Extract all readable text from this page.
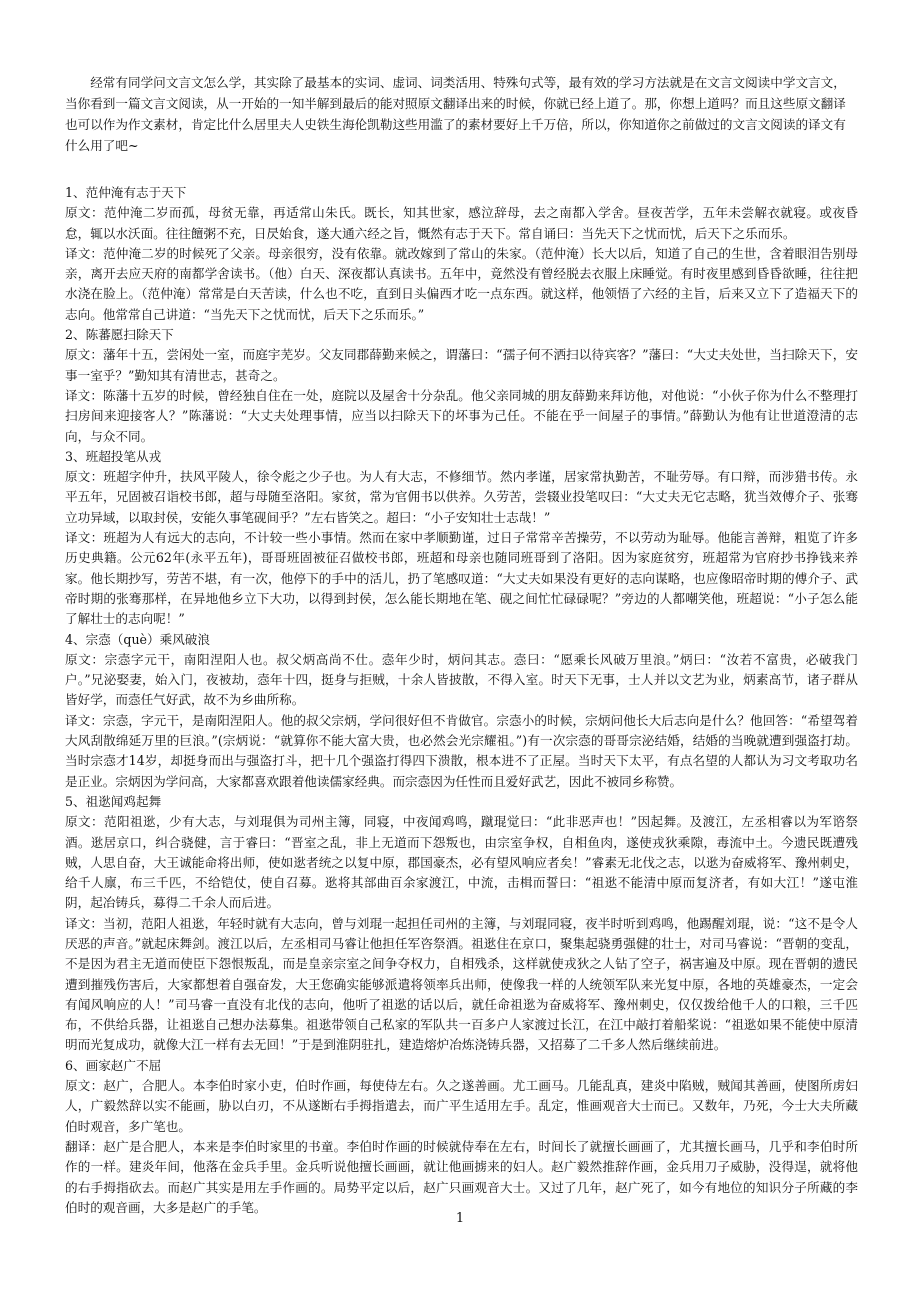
经常有同学问文言文怎么学，其实除了最基本的实词、虚词、词类活用、特殊句式等，最有效的学习方法就是在文言文阅读中学文言文，当你看到一篇文言文阅读，从一开始的一知半解到最后的能对照原文翻译出来的时候，你就已经上道了。那，你想上道吗？而且这些原文翻译也可以作为作文素材，肯定比什么居里夫人史铁生海伦凯勒这些用滥了的素材要好上千万倍，所以，你知道你之前做过的文言文阅读的译文有什么用了吧~

1、范仲淹有志于天下

原文：范仲淹二岁而孤，母贫无靠，再适常山朱氏。既长，知其世家，感泣辞母，去之南都入学舍。昼夜苦学，五年未尝解衣就寝。或夜昏怠，辄以水沃面。往往饘粥不充，日昃始食，遂大通六经之旨，慨然有志于天下。常自诵曰：当先天下之忧而忧，后天下之乐而乐。

译文：范仲淹二岁的时候死了父亲。母亲很穷，没有依靠。就改嫁到了常山的朱家。（范仲淹）长大以后，知道了自己的生世，含着眼泪告别母亲，离开去应天府的南都学舍读书。（他）白天、深夜都认真读书。五年中，竟然没有曾经脱去衣服上床睡觉。有时夜里感到昏昏欲睡，往往把水浇在脸上。（范仲淹）常常是白天苦读，什么也不吃，直到日头偏西才吃一点东西。就这样，他领悟了六经的主旨，后来又立下了造福天下的志向。他常常自己讲道：“当先天下之忧而忧，后天下之乐而乐。”

2、陈蕃愿扫除天下

原文：藩年十五，尝闲处一室，而庭宇芜岁。父友同郡薛勤来候之，谓藩曰：“孺子何不洒扫以待宾客？”藩曰：“大丈夫处世，当扫除天下，安事一室乎？”勤知其有清世志，甚奇之。

译文：陈藩十五岁的时候，曾经独自住在一处，庭院以及屋舍十分杂乱。他父亲同城的朋友薛勤来拜访他，对他说：“小伙子你为什么不整理打扫房间来迎接客人？”陈藩说：“大丈夫处理事情，应当以扫除天下的坏事为己任。不能在乎一间屋子的事情。”薛勤认为他有让世道澄清的志向，与众不同。

3、班超投笔从戎

原文：班超字仲升，扶风平陵人，徐令彪之少子也。为人有大志，不修细节。然内孝谨，居家常执勤苦，不耻劳辱。有口辩，而涉猎书传。永平五年，兄固被召诣校书郎，超与母随至洛阳。家贫，常为官佣书以供养。久劳苦，尝辍业投笔叹曰：“大丈夫无它志略，犹当效傅介子、张骞立功异域，以取封侯，安能久事笔砚间乎？”左右皆笑之。超曰：“小子安知壮士志哉！”

译文：班超为人有远大的志向，不计较一些小事情。然而在家中孝顺勤谨，过日子常常辛苦操劳，不以劳动为耻辱。他能言善辩，粗览了许多历史典籍。公元62年(永平五年)，哥哥班固被征召做校书郎，班超和母亲也随同班哥到了洛阳。因为家庭贫穷，班超常为官府抄书挣钱来养家。他长期抄写，劳苦不堪，有一次，他停下的手中的活儿，扔了笔感叹道：“大丈夫如果没有更好的志向谋略，也应像昭帝时期的傅介子、武帝时期的张骞那样，在异地他乡立下大功，以得到封侯，怎么能长期地在笔、砚之间忙忙碌碌呢？”旁边的人都嘲笑他，班超说：“小子怎么能了解壮士的志向呢！”

4、宗悫（què）乘风破浪

原文：宗悫字元干，南阳涅阳人也。叔父炳高尚不仕。悫年少时，炳问其志。悫曰：“愿乘长风破万里浪。”炳曰：“汝若不富贵，必破我门户。”兄泌娶妻，始入门，夜被劫，悫年十四，挺身与拒贼，十余人皆披散，不得入室。时天下无事，士人并以文艺为业，炳素高节，诸子群从皆好学，而悫任气好武，故不为乡曲所称。

译文：宗悫，字元干，是南阳涅阳人。他的叔父宗炳，学问很好但不肯做官。宗悫小的时候，宗炳问他长大后志向是什么？他回答：“希望驾着大风刮散绵延万里的巨浪。”(宗炳说：“就算你不能大富大贵，也必然会光宗耀祖。”)有一次宗悫的哥哥宗泌结婚，结婚的当晚就遭到强盗打劫。当时宗悫才14岁，却挺身而出与强盗打斗，把十几个强盗打得四下溃散，根本进不了正屋。当时天下太平，有点名望的人都认为习文考取功名是正业。宗炳因为学问高，大家都喜欢跟着他读儒家经典。而宗悫因为任性而且爱好武艺，因此不被同乡称赞。

5、祖逖闻鸡起舞

原文：范阳祖逖，少有大志，与刘琨俱为司州主簿，同寝，中夜闻鸡鸣，蹴琨觉曰：“此非恶声也！”因起舞。及渡江，左丞相睿以为军谘祭酒。逖居京口，纠合骁健，言于睿曰：“晋室之乱，非上无道而下怨叛也，由宗室争权，自相鱼肉，遂使戎狄乘隙，毒流中土。今遗民既遭残贼，人思自奋，大王诚能命将出师，使如逖者统之以复中原，郡国豪杰，必有望风响应者矣！”睿素无北伐之志，以逖为奋威将军、豫州刺史，给千人廪，布三千匹，不给铠仗，使自召募。逖将其部曲百余家渡江，中流，击楫而誓曰：“祖逖不能清中原而复济者，有如大江！”遂屯淮阴，起冶铸兵，募得二千余人而后进。

译文：当初，范阳人祖逖，年轻时就有大志向，曾与刘琨一起担任司州的主簿，与刘琨同寝，夜半时听到鸡鸣，他踢醒刘琨，说：“这不是令人厌恶的声音。”就起床舞剑。渡江以后，左丞相司马睿让他担任军咨祭酒。祖逖住在京口，聚集起骁勇强健的壮士，对司马睿说：“晋朝的变乱，不是因为君主无道而使臣下怨恨叛乱，而是皇亲宗室之间争夺权力，自相残杀，这样就使戎狄之人钻了空子，祸害遍及中原。现在晋朝的遗民遭到摧残伤害后，大家都想着自强奋发，大王您确实能够派遣将领率兵出师，使像我一样的人统领军队来光复中原，各地的英雄豪杰，一定会有闻风响应的人！”司马睿一直没有北伐的志向，他听了祖逖的话以后，就任命祖逖为奋威将军、豫州刺史，仅仅拨给他千人的口粮，三千匹布，不供给兵器，让祖逖自己想办法募集。祖逖带领自己私家的军队共一百多户人家渡过长江，在江中敲打着船桨说：“祖逖如果不能使中原清明而光复成功，就像大江一样有去无回！”于是到淮阴驻扎，建造熔炉冶炼浇铸兵器，又招募了二千多人然后继续前进。

6、画家赵广不屈

原文：赵广，合肥人。本李伯时家小吏，伯时作画，每使侍左右。久之遂善画。尤工画马。几能乱真，建炎中陷贼，贼闻其善画，使图所虏妇人，广毅然辞以实不能画，胁以白刃，不从遂断右手拇指遣去，而广平生适用左手。乱定，惟画观音大士而已。又数年，乃死，今士大夫所藏伯时观音，多广笔也。

翻译：赵广是合肥人，本来是李伯时家里的书童。李伯时作画的时候就侍奉在左右，时间长了就擅长画画了，尤其擅长画马，几乎和李伯时所作的一样。建炎年间，他落在金兵手里。金兵听说他擅长画画，就让他画掳来的妇人。赵广毅然推辞作画，金兵用刀子威胁，没得逞，就将他的右手拇指砍去。而赵广其实是用左手作画的。局势平定以后，赵广只画观音大士。又过了几年，赵广死了，如今有地位的知识分子所藏的李伯时的观音画，大多是赵广的手笔。

1
